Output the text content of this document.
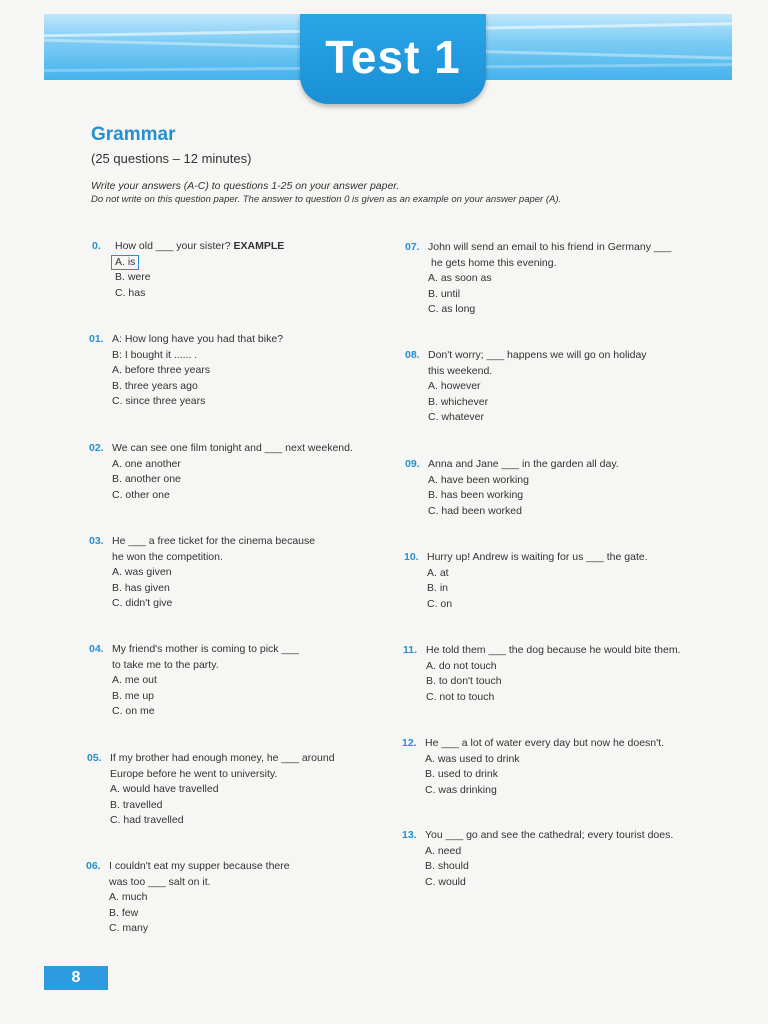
Test 1
Grammar
(25 questions – 12 minutes)
Write your answers (A-C) to questions 1-25 on your answer paper.
Do not write on this question paper. The answer to question 0 is given as an example on your answer paper (A).
0. How old ___ your sister? EXAMPLE
A. is
B. were
C. has
01. A: How long have you had that bike?
B: I bought it ...... .
A. before three years
B. three years ago
C. since three years
02. We can see one film tonight and ___ next weekend.
A. one another
B. another one
C. other one
03. He ___ a free ticket for the cinema because
he won the competition.
A. was given
B. has given
C. didn't give
04. My friend's mother is coming to pick ___
to take me to the party.
A. me out
B. me up
C. on me
05. If my brother had enough money, he ___ around
Europe before he went to university.
A. would have travelled
B. travelled
C. had travelled
06. I couldn't eat my supper because there
was too ___ salt on it.
A. much
B. few
C. many
07. John will send an email to his friend in Germany ___
he gets home this evening.
A. as soon as
B. until
C. as long
08. Don't worry; ___ happens we will go on holiday
this weekend.
A. however
B. whichever
C. whatever
09. Anna and Jane ___ in the garden all day.
A. have been working
B. has been working
C. had been worked
10. Hurry up! Andrew is waiting for us ___ the gate.
A. at
B. in
C. on
11. He told them ___ the dog because he would bite them.
A. do not touch
B. to don't touch
C. not to touch
12. He ___ a lot of water every day but now he doesn't.
A. was used to drink
B. used to drink
C. was drinking
13. You ___ go and see the cathedral; every tourist does.
A. need
B. should
C. would
8
